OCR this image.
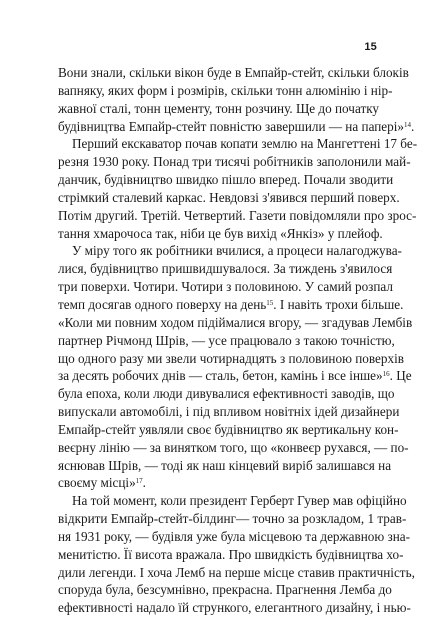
15
Вони знали, скільки вікон буде в Емпайр-стейт, скільки блоків
вапняку, яких форм і розмірів, скільки тонн алюмінію і нір-
жавної сталі, тонн цементу, тонн розчину. Ще до початку
будівництва Емпайр-стейт повністю завершили — на папері»$^{14}$.
Перший екскаватор почав копати землю на Мангеттені 17 бе-
резня 1930 року. Понад три тисячі робітників заполонили май-
данчик, будівництво швидко пішло вперед. Почали зводити
стрімкий сталевий каркас. Невдовзі з'явився перший поверх.
Потім другий. Третій. Четвертий. Газети повідомляли про зрос-
тання хмарочоса так, ніби це був вихід «Янкіз» у плейоф.
У міру того як робітники вчилися, а процеси налагоджува-
лися, будівництво пришвидшувалося. За тиждень з'явилося
три поверхи. Чотири. Чотири з половиною. У самий розпал
темп досягав одного поверху на день$^{15}$. І навіть трохи більше.
«Коли ми повним ходом підіймалися вгору, — згадував Лембів
партнер Річмонд Шрів, — усе працювало з такою точністю,
що одного разу ми звели чотирнадцять з половиною поверхів
за десять робочих днів — сталь, бетон, камінь і все інше»$^{16}$. Це
була епоха, коли люди дивувалися ефективності заводів, що
випускали автомобілі, і під впливом новітніх ідей дизайнери
Емпайр-стейт уявляли своє будівництво як вертикальну кон-
веєрну лінію — за винятком того, що «конвеєр рухався, — по-
яснював Шрів, — тоді як наш кінцевий виріб залишався на
своєму місці»$^{17}$.
На той момент, коли президент Герберт Гувер мав офіційно
відкрити Емпайр-стейт-білдинг— точно за розкладом, 1 трав-
ня 1931 року, — будівля уже була місцевою та державною зна-
менитістю. Її висота вражала. Про швидкість будівництва хо-
дили легенди. І хоча Лемб на перше місце ставив практичність,
споруда була, безсумнівно, прекрасна. Прагнення Лемба до
ефективності надало їй стрункого, елегантного дизайну, і нью-
